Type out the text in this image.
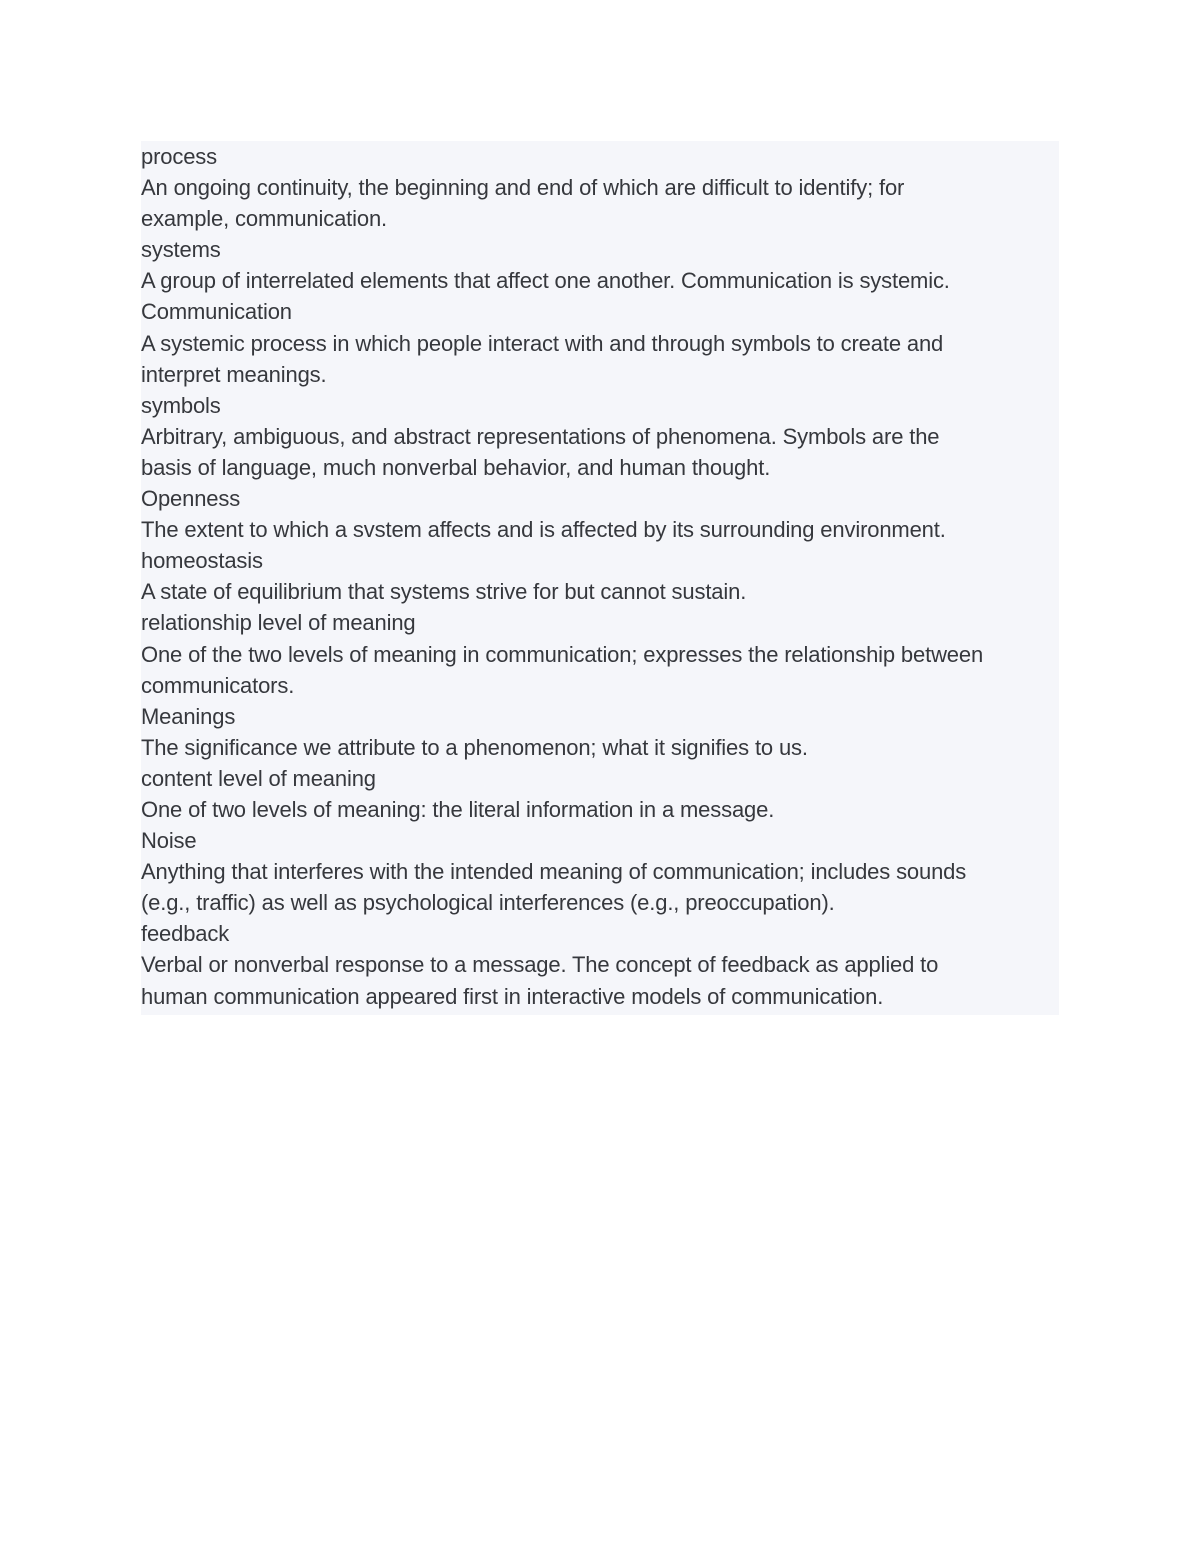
process
An ongoing continuity, the beginning and end of which are difficult to identify; for
example, communication.
systems
A group of interrelated elements that affect one another. Communication is systemic.
Communication
A systemic process in which people interact with and through symbols to create and
interpret meanings.
symbols
Arbitrary, ambiguous, and abstract representations of phenomena. Symbols are the
basis of language, much nonverbal behavior, and human thought.
Openness
The extent to which a svstem affects and is affected by its surrounding environment.
homeostasis
A state of equilibrium that systems strive for but cannot sustain.
relationship level of meaning
One of the two levels of meaning in communication; expresses the relationship between
communicators.
Meanings
The significance we attribute to a phenomenon; what it signifies to us.
content level of meaning
One of two levels of meaning: the literal information in a message.
Noise
Anything that interferes with the intended meaning of communication; includes sounds
(e.g., traffic) as well as psychological interferences (e.g., preoccupation).
feedback
Verbal or nonverbal response to a message. The concept of feedback as applied to
human communication appeared first in interactive models of communication.
